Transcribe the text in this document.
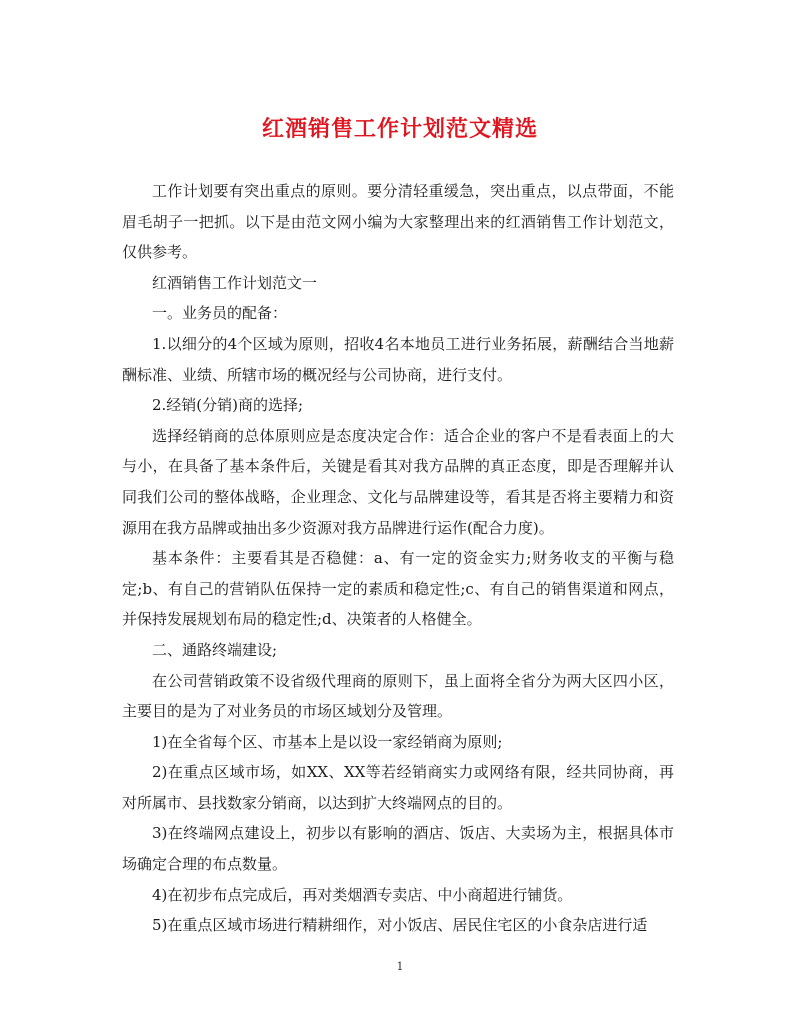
红酒销售工作计划范文精选

工作计划要有突出重点的原则。要分清轻重缓急，突出重点，以点带面，不能眉毛胡子一把抓。以下是由范文网小编为大家整理出来的红酒销售工作计划范文，仅供参考。

红酒销售工作计划范文一

一。业务员的配备：

1.以细分的4个区域为原则，招收4名本地员工进行业务拓展，薪酬结合当地薪酬标准、业绩、所辖市场的概况经与公司协商，进行支付。

2.经销(分销)商的选择;

选择经销商的总体原则应是态度决定合作：适合企业的客户不是看表面上的大与小，在具备了基本条件后，关键是看其对我方品牌的真正态度，即是否理解并认同我们公司的整体战略，企业理念、文化与品牌建设等，看其是否将主要精力和资源用在我方品牌或抽出多少资源对我方品牌进行运作(配合力度)。

基本条件：主要看其是否稳健：a、有一定的资金实力;财务收支的平衡与稳定;b、有自己的营销队伍保持一定的素质和稳定性;c、有自己的销售渠道和网点，并保持发展规划布局的稳定性;d、决策者的人格健全。

二、通路终端建设;

在公司营销政策不设省级代理商的原则下，虽上面将全省分为两大区四小区，主要目的是为了对业务员的市场区域划分及管理。

1)在全省每个区、市基本上是以设一家经销商为原则;

2)在重点区域市场，如XX、XX等若经销商实力或网络有限，经共同协商，再对所属市、县找数家分销商，以达到扩大终端网点的目的。

3)在终端网点建设上，初步以有影响的酒店、饭店、大卖场为主，根据具体市场确定合理的布点数量。

4)在初步布点完成后，再对类烟酒专卖店、中小商超进行铺货。

5)在重点区域市场进行精耕细作，对小饭店、居民住宅区的小食杂店进行适

1
